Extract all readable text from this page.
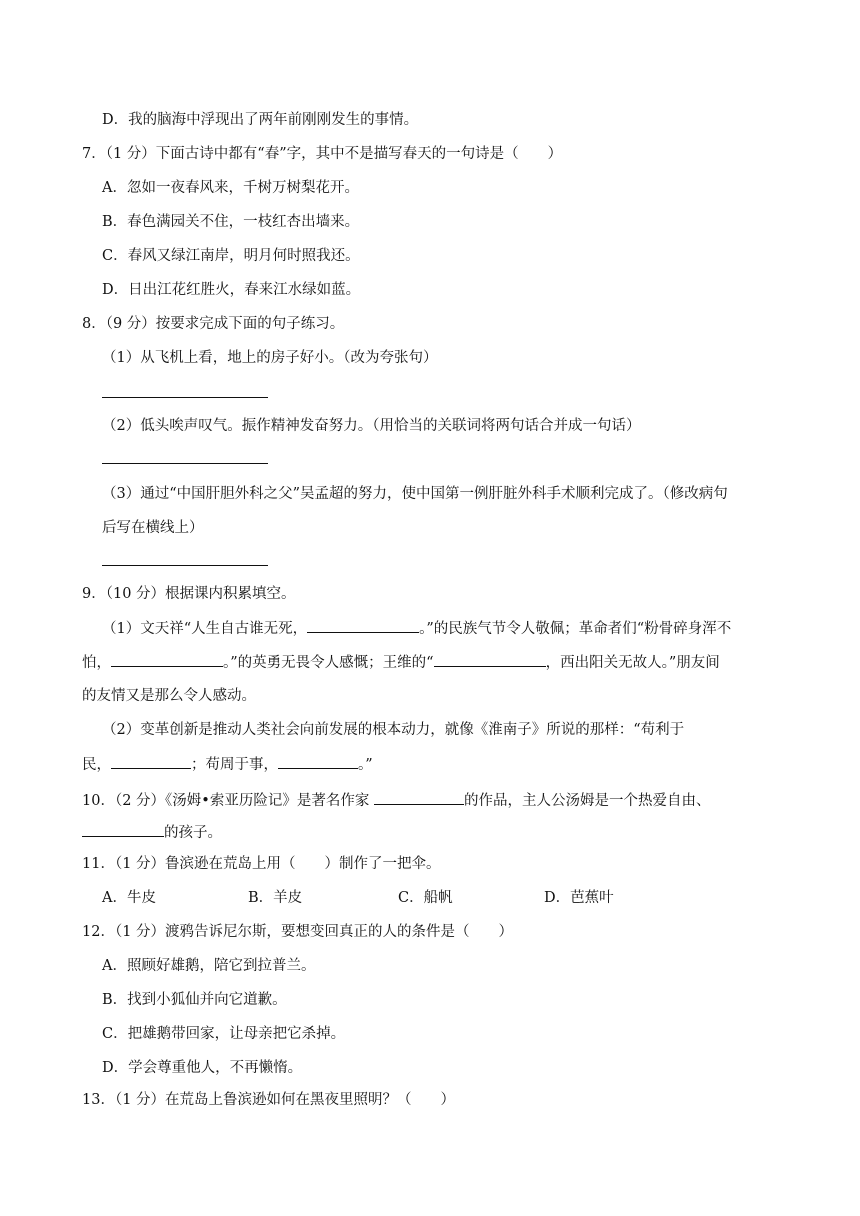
D．我的脑海中浮现出了两年前刚刚发生的事情。
7．（1 分）下面古诗中都有“春”字，其中不是描写春天的一句诗是（　　）
A．忽如一夜春风来，千树万树梨花开。
B．春色满园关不住，一枝红杏出墙来。
C．春风又绿江南岸，明月何时照我还。
D．日出江花红胜火，春来江水绿如蓝。
8．（9 分）按要求完成下面的句子练习。
（1）从飞机上看，地上的房子好小。（改为夸张句）
（2）低头唉声叹气。振作精神发奋努力。（用恰当的关联词将两句话合并成一句话）
（3）通过“中国肝胆外科之父”吴孟超的努力，使中国第一例肝脏外科手术顺利完成了。（修改病句
后写在横线上）
9．（10 分）根据课内积累填空。
（1）文天祥“人生自古谁无死，	。”的民族气节令人敬佩；革命者们“粉骨碎身浑不
怕，	。”的英勇无畏令人感慨；王维的“	，西出阳关无故人。”朋友间
的友情又是那么令人感动。
（2）变革创新是推动人类社会向前发展的根本动力，就像《淮南子》所说的那样：“苟利于
民，	；苟周于事，	。”
10．（2 分）《汤姆•索亚历险记》是著名作家	的作品，主人公汤姆是一个热爱自由、
的孩子。
11．（1 分）鲁滨逊在荒岛上用（　　）制作了一把伞。
A．牛皮	B．羊皮	C．船帆	D．芭蕉叶
12．（1 分）渡鸦告诉尼尔斯，要想变回真正的人的条件是（　　）
A．照顾好雄鹅，陪它到拉普兰。
B．找到小狐仙并向它道歉。
C．把雄鹅带回家，让母亲把它杀掉。
D．学会尊重他人，不再懒惰。
13．（1 分）在荒岛上鲁滨逊如何在黑夜里照明？（　　）
